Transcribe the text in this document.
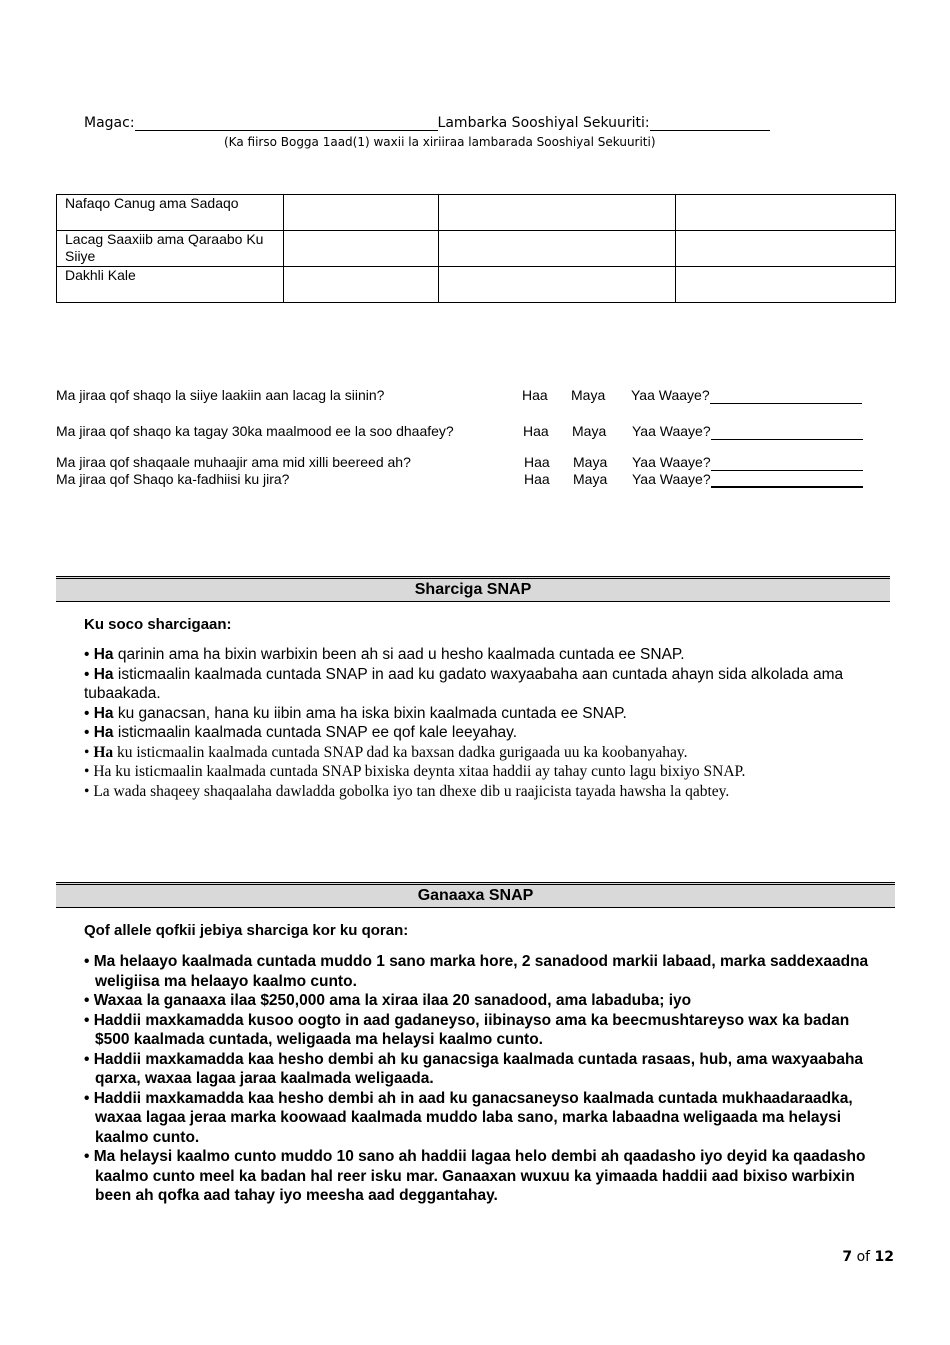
Magac:	Lambarka Sooshiyal Sekuuriti:
(Ka fiirso Bogga 1aad(1) waxii la xiriiraa lambarada Sooshiyal Sekuuriti)
Nafaqo Canug ama Sadaqo			
Lacag Saaxiib ama Qaraabo Ku Siiye			
Dakhli Kale			
Ma jiraa qof shaqo la siiye laakiin aan lacag la siinin?	Haa Maya Yaa Waaye?
Ma jiraa qof shaqo ka tagay 30ka maalmood ee la soo dhaafey?	Haa Maya Yaa Waaye?
Ma jiraa qof shaqaale muhaajir ama mid xilli beereed ah?	Haa Maya Yaa Waaye?
Ma jiraa qof Shaqo ka-fadhiisi ku jira?	Haa Maya Yaa Waaye?
Sharciga SNAP
Ku soco sharcigaan:
• Ha qarinin ama ha bixin warbixin been ah si aad u hesho kaalmada cuntada ee SNAP.
• Ha isticmaalin kaalmada cuntada SNAP in aad ku gadato waxyaabaha aan cuntada ahayn sida alkolada ama tubaakada.
• Ha ku ganacsan, hana ku iibin ama ha iska bixin kaalmada cuntada ee SNAP.
• Ha isticmaalin kaalmada cuntada SNAP ee qof kale leeyahay.
• Ha ku isticmaalin kaalmada cuntada SNAP dad ka baxsan dadka gurigaada uu ka koobanyahay.
• Ha ku isticmaalin kaalmada cuntada SNAP bixiska deynta xitaa haddii ay tahay cunto lagu bixiyo SNAP.
• La wada shaqeey shaqaalaha dawladda gobolka iyo tan dhexe dib u raajicista tayada hawsha la qabtey.
Ganaaxa SNAP
Qof allele qofkii jebiya sharciga kor ku qoran:
• Ma helaayo kaalmada cuntada muddo 1 sano marka hore, 2 sanadood markii labaad, marka saddexaadna weligiisa ma helaayo kaalmo cunto.
• Waxaa la ganaaxa ilaa $250,000 ama la xiraa ilaa 20 sanadood, ama labaduba; iyo
• Haddii maxkamadda kusoo oogto in aad gadaneyso, iibinayso ama ka beecmushtareyso wax ka badan $500 kaalmada cuntada, weligaada ma helaysi kaalmo cunto.
• Haddii maxkamadda kaa hesho dembi ah ku ganacsiga kaalmada cuntada rasaas, hub, ama waxyaabaha qarxa, waxaa lagaa jaraa kaalmada weligaada.
• Haddii maxkamadda kaa hesho dembi ah in aad ku ganacsaneyso kaalmada cuntada mukhaadaraadka, waxaa lagaa jeraa marka koowaad kaalmada muddo laba sano, marka labaadna weligaada ma helaysi kaalmo cunto.
• Ma helaysi kaalmo cunto muddo 10 sano ah haddii lagaa helo dembi ah qaadasho iyo deyid ka qaadasho kaalmo cunto meel ka badan hal reer isku mar. Ganaaxan wuxuu ka yimaada haddii aad bixiso warbixin been ah qofka aad tahay iyo meesha aad deggantahay.
7 of 12
